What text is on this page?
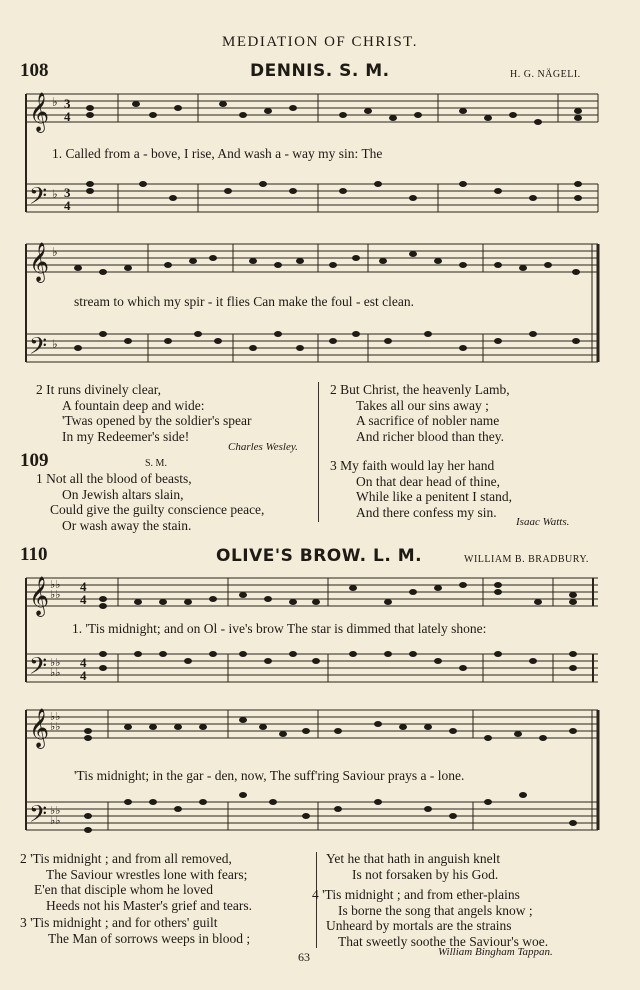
MEDIATION OF CHRIST.
108	DENNIS. S. M.	H. G. NÄGELI.
𝄞
𝄢
♭
♭
3
4
3
4
1. Called from a - bove, I rise, And wash a - way my sin: The
𝄞
𝄢
♭
♭
stream to which my spir - it flies Can make the foul - est clean.
2 It runs divinely clear,
A fountain deep and wide:
'Twas opened by the soldier's spear
In my Redeemer's side!
Charles Wesley.
2 But Christ, the heavenly Lamb,
Takes all our sins away ;
A sacrifice of nobler name
And richer blood than they.
3 My faith would lay her hand
On that dear head of thine,
While like a penitent I stand,
And there confess my sin.
Isaac Watts.
109	S. M.
1 Not all the blood of beasts,
On Jewish altars slain,
Could give the guilty conscience peace,
Or wash away the stain.
110	OLIVE'S BROW. L. M.	WILLIAM B. BRADBURY.
𝄞
𝄢
♭♭
♭♭
♭♭
♭♭
4
4
4
4
1. 'Tis midnight; and on Ol - ive's brow The star is dimmed that lately shone:
𝄞
𝄢
♭♭
♭♭
♭♭
♭♭
'Tis midnight; in the gar - den, now, The suff'ring Saviour prays a - lone.
2 'Tis midnight ; and from all removed,
The Saviour wrestles lone with fears;
E'en that disciple whom he loved
Heeds not his Master's grief and tears.
3 'Tis midnight ; and for others' guilt
The Man of sorrows weeps in blood ;
Yet he that hath in anguish knelt
Is not forsaken by his God.
4 'Tis midnight ; and from ether-plains
Is borne the song that angels know ;
Unheard by mortals are the strains
That sweetly soothe the Saviour's woe.
William Bingham Tappan.
63
